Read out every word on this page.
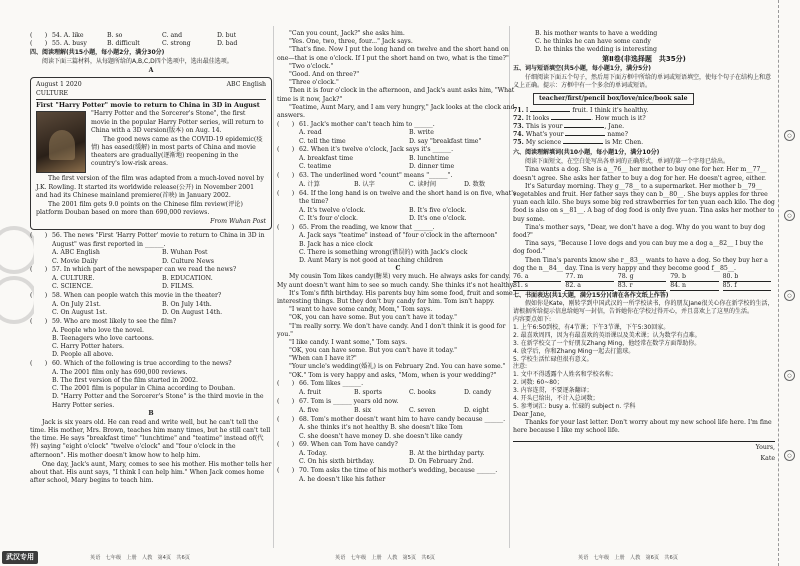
(　　) 54. A. like	B. so	C. and	D. but
(　　) 55. A. busy	B. difficult	C. strong	D. bad
四、阅读理解(共15小题，每小题2分，满分30分)
阅读下面三篇材料，从每题所给的A,B,C,D四个选项中，选出最佳选项。
A
August 1 2020	ABC English
CULTURE
First "Harry Potter" movie to return to China in 3D in August
"Harry Potter and the Sorcerer's Stone", the first movie in the popular Harry Potter series, will return to China with a 3D version(版本) on Aug. 14.
The good news came as the COVID-19 epidemic(疫情) has eased(缓解) in most parts of China and movie theaters are gradually(逐渐地) reopening in the country's low-risk areas.
The first version of the film was adapted from a much-loved novel by J.K. Rowling. It started its worldwide release(公开) in November 2001 and had its Chinese mainland premiere(首映) in January 2002.
The 2001 film gets 9.0 points on the Chinese film review(评论) platform Douban based on more than 690,000 reviews.
From Wuhan Post
(　　) 56. The news "First 'Harry Potter' movie to return to China in 3D in August" was first reported in ______.
A. ABC English	B. Wuhan Post
C. Movie Daily	D. Culture News
(　　) 57. In which part of the newspaper can we read the news?
A. CULTURE.	B. EDUCATION.
C. SCIENCE.	D. FILMS.
(　　) 58. When can people watch this movie in the theater?
A. On July 21st.	B. On July 14th.
C. On August 1st.	D. On August 14th.
(　　) 59. Who are most likely to see the film?
A. People who love the novel.
B. Teenagers who love cartoons.
C. Harry Potter haters.
D. People all above.
(　　) 60. Which of the following is true according to the news?
A. The 2001 film only has 690,000 reviews.
B. The first version of the film started in 2002.
C. The 2001 film is popular in China according to Douban.
D. "Harry Potter and the Sorcerer's Stone" is the third movie in the Harry Potter series.
B
Jack is six years old. He can read and write well, but he can't tell the time. His mother, Mrs. Brown, teaches him many times, but he still can't tell the time. He says "breakfast time" "lunchtime" and "teatime" instead of(代替) saying "eight o'clock" "twelve o'clock" and "four o'clock in the afternoon". His mother doesn't know how to help him.
One day, Jack's aunt, Mary, comes to see his mother. His mother tells her about that. His aunt says, "I think I can help him." When Jack comes home after school, Mary begins to teach him.
"Can you count, Jack?" she asks him.
"Yes. One, two, three, four..." Jack says.
"That's fine. Now I put the long hand on twelve and the short hand on one—that is one o'clock. If I put the short hand on two, what is the time?"
"Two o'clock."
"Good. And on three?"
"Three o'clock."
Then it is four o'clock in the afternoon, and Jack's aunt asks him, "What time is it now, Jack?"
"Teatime, Aunt Mary, and I am very hungry," Jack looks at the clock and answers.
(　　) 61. Jack's mother can't teach him to ______.
A. read	B. write
C. tell the time	D. say "breakfast time"
(　　) 62. When it's twelve o'clock, Jack says it's ______.
A. breakfast time	B. lunchtime
C. teatime	D. dinner time
(　　) 63. The underlined word "count" means "______".
A. 计算	B. 认字	C. 读时间	D. 数数
(　　) 64. If the long hand is on twelve and the short hand is on five, what's the time?
A. It's twelve o'clock.	B. It's five o'clock.
C. It's four o'clock.	D. It's one o'clock.
(　　) 65. From the reading, we know that ______.
A. Jack says "teatime" instead of "four o'clock in the afternoon"
B. Jack has a nice clock
C. There is something wrong(错误的) with Jack's clock
D. Aunt Mary is not good at teaching children
C
My cousin Tom likes candy(糖果) very much. He always asks for candy. My aunt doesn't want him to see so much candy. She thinks it's not healthy.
It's Tom's fifth birthday. His parents buy him some food, fruit and some interesting things. But they don't buy candy for him. Tom isn't happy.
"I want to have some candy, Mom," Tom says.
"OK, you can have some. But you can't have it today."
"I'm really sorry. We don't have candy. And I don't think it is good for you."
"I like candy. I want some," Tom says.
"OK, you can have some. But you can't have it today."
"When can I have it?"
"Your uncle's wedding(婚礼) is on February 2nd. You can have some."
"OK." Tom is very happy and asks, "Mom, when is your wedding?"
(　　) 66. Tom likes ______.
A. fruit	B. sports	C. books	D. candy
(　　) 67. Tom is ______ years old now.
A. five	B. six	C. seven	D. eight
(　　) 68. Tom's mother doesn't want him to have candy because ______.
A. she thinks it's not healthy B. she doesn't like Tom
C. she doesn't have money D. she doesn't like candy
(　　) 69. When can Tom have candy?
A. Today.	B. At the birthday party.
C. On his sixth birthday.	D. On February 2nd.
(　　) 70. Tom asks the time of his mother's wedding, because ______.
A. he doesn't like his father
B. his mother wants to have a wedding
C. he thinks he can have some candy
D. he thinks the wedding is interesting
第Ⅱ卷(非选择题　共35分)
五、词与短语填空(共5小题，每小题1分，满分5分)
仔细阅读下面五个句子，然后用下面方框中所给的单词或短语填空，使每个句子在结构上和意义上正确。提示：方框中有一个多余的单词或短语。
teacher/first/pencil box/love/nice/book sale
71. I	fruit. I think it's healthy.
72. It looks	. How much is it?
73. This is your	, Jane.
74. What's your	name?
75. My science	is Mr. Chen.
六、阅读理解填词(共10小题，每小题1分，满分10分)
阅读下面短文，在空白处写出各单词的正确形式，单词的第一个字母已给出。
Tina wants a dog. She is a__76__ her mother to buy one for her. Her m__77__ doesn't agree. She asks her father to buy a dog for her. He doesn't agree, either.
It's Saturday morning. They g__78__ to a supermarket. Her mother b__79__ vegetables and fruit. Her father says they can b__80__. She buys apples for three yuan each kilo. She buys some big red strawberries for ten yuan each kilo. The dog food is also on s__81__. A bag of dog food is only five yuan. Tina asks her mother to buy some.
Tina's mother says, "Dear, we don't have a dog. Why do you want to buy dog food?"
Tina says, "Because I love dogs and you can buy me a dog a__82__ I buy the dog food."
Then Tina's parents know she r__83__ wants to have a dog. So they buy her a dog the n__84__ day. Tina is very happy and they become good f__85__.
76. a	77. m	78. g	79. b	80. b
81. s	82. a	83. r	84. n	85. f
七、书面表达(共1大题，满分15分)(请在各作文纸上作答)
假如你是Kate，刚转学到中国武汉的一所学校读书，你的朋友Jane很关心你在新学校的生活，请根据所给提示信息给她写一封信，告诉她你在学校过得开心，并且喜欢上了这里的生活。
内容要点如下:
1. 上午6:50到校，有4节课；下午3节课，下午5:30回家。
2. 最喜欢周四，因为有最喜欢的英语课以及美术课；认为数学有点难。
3. 在新学校交了一个好朋友Zhang Ming，他经常在数学方面帮助你。
4. 放学后，你和Zhang Ming一起去打篮球。
5. 学校生活忙碌但很有意义。
注意:
1. 文中不得透露个人姓名和学校名称；
2. 词数: 60~80；
3. 内容连贯，不要逐条翻译；
4. 开头已给出，不计入总词数；
5. 参考词汇: busy a. 忙碌的 subject n. 学科
Dear Jane,
Thanks for your last letter. Don't worry about my new school life here. I'm fine here because I like my school life.
Yours,
Kate
英语　七年级　上册　人教　第4页　共6页	英语　七年级　上册　人教　第5页　共6页	英语　七年级　上册　人教　第6页　共6页
武汉专用
○
○
○
○
○
